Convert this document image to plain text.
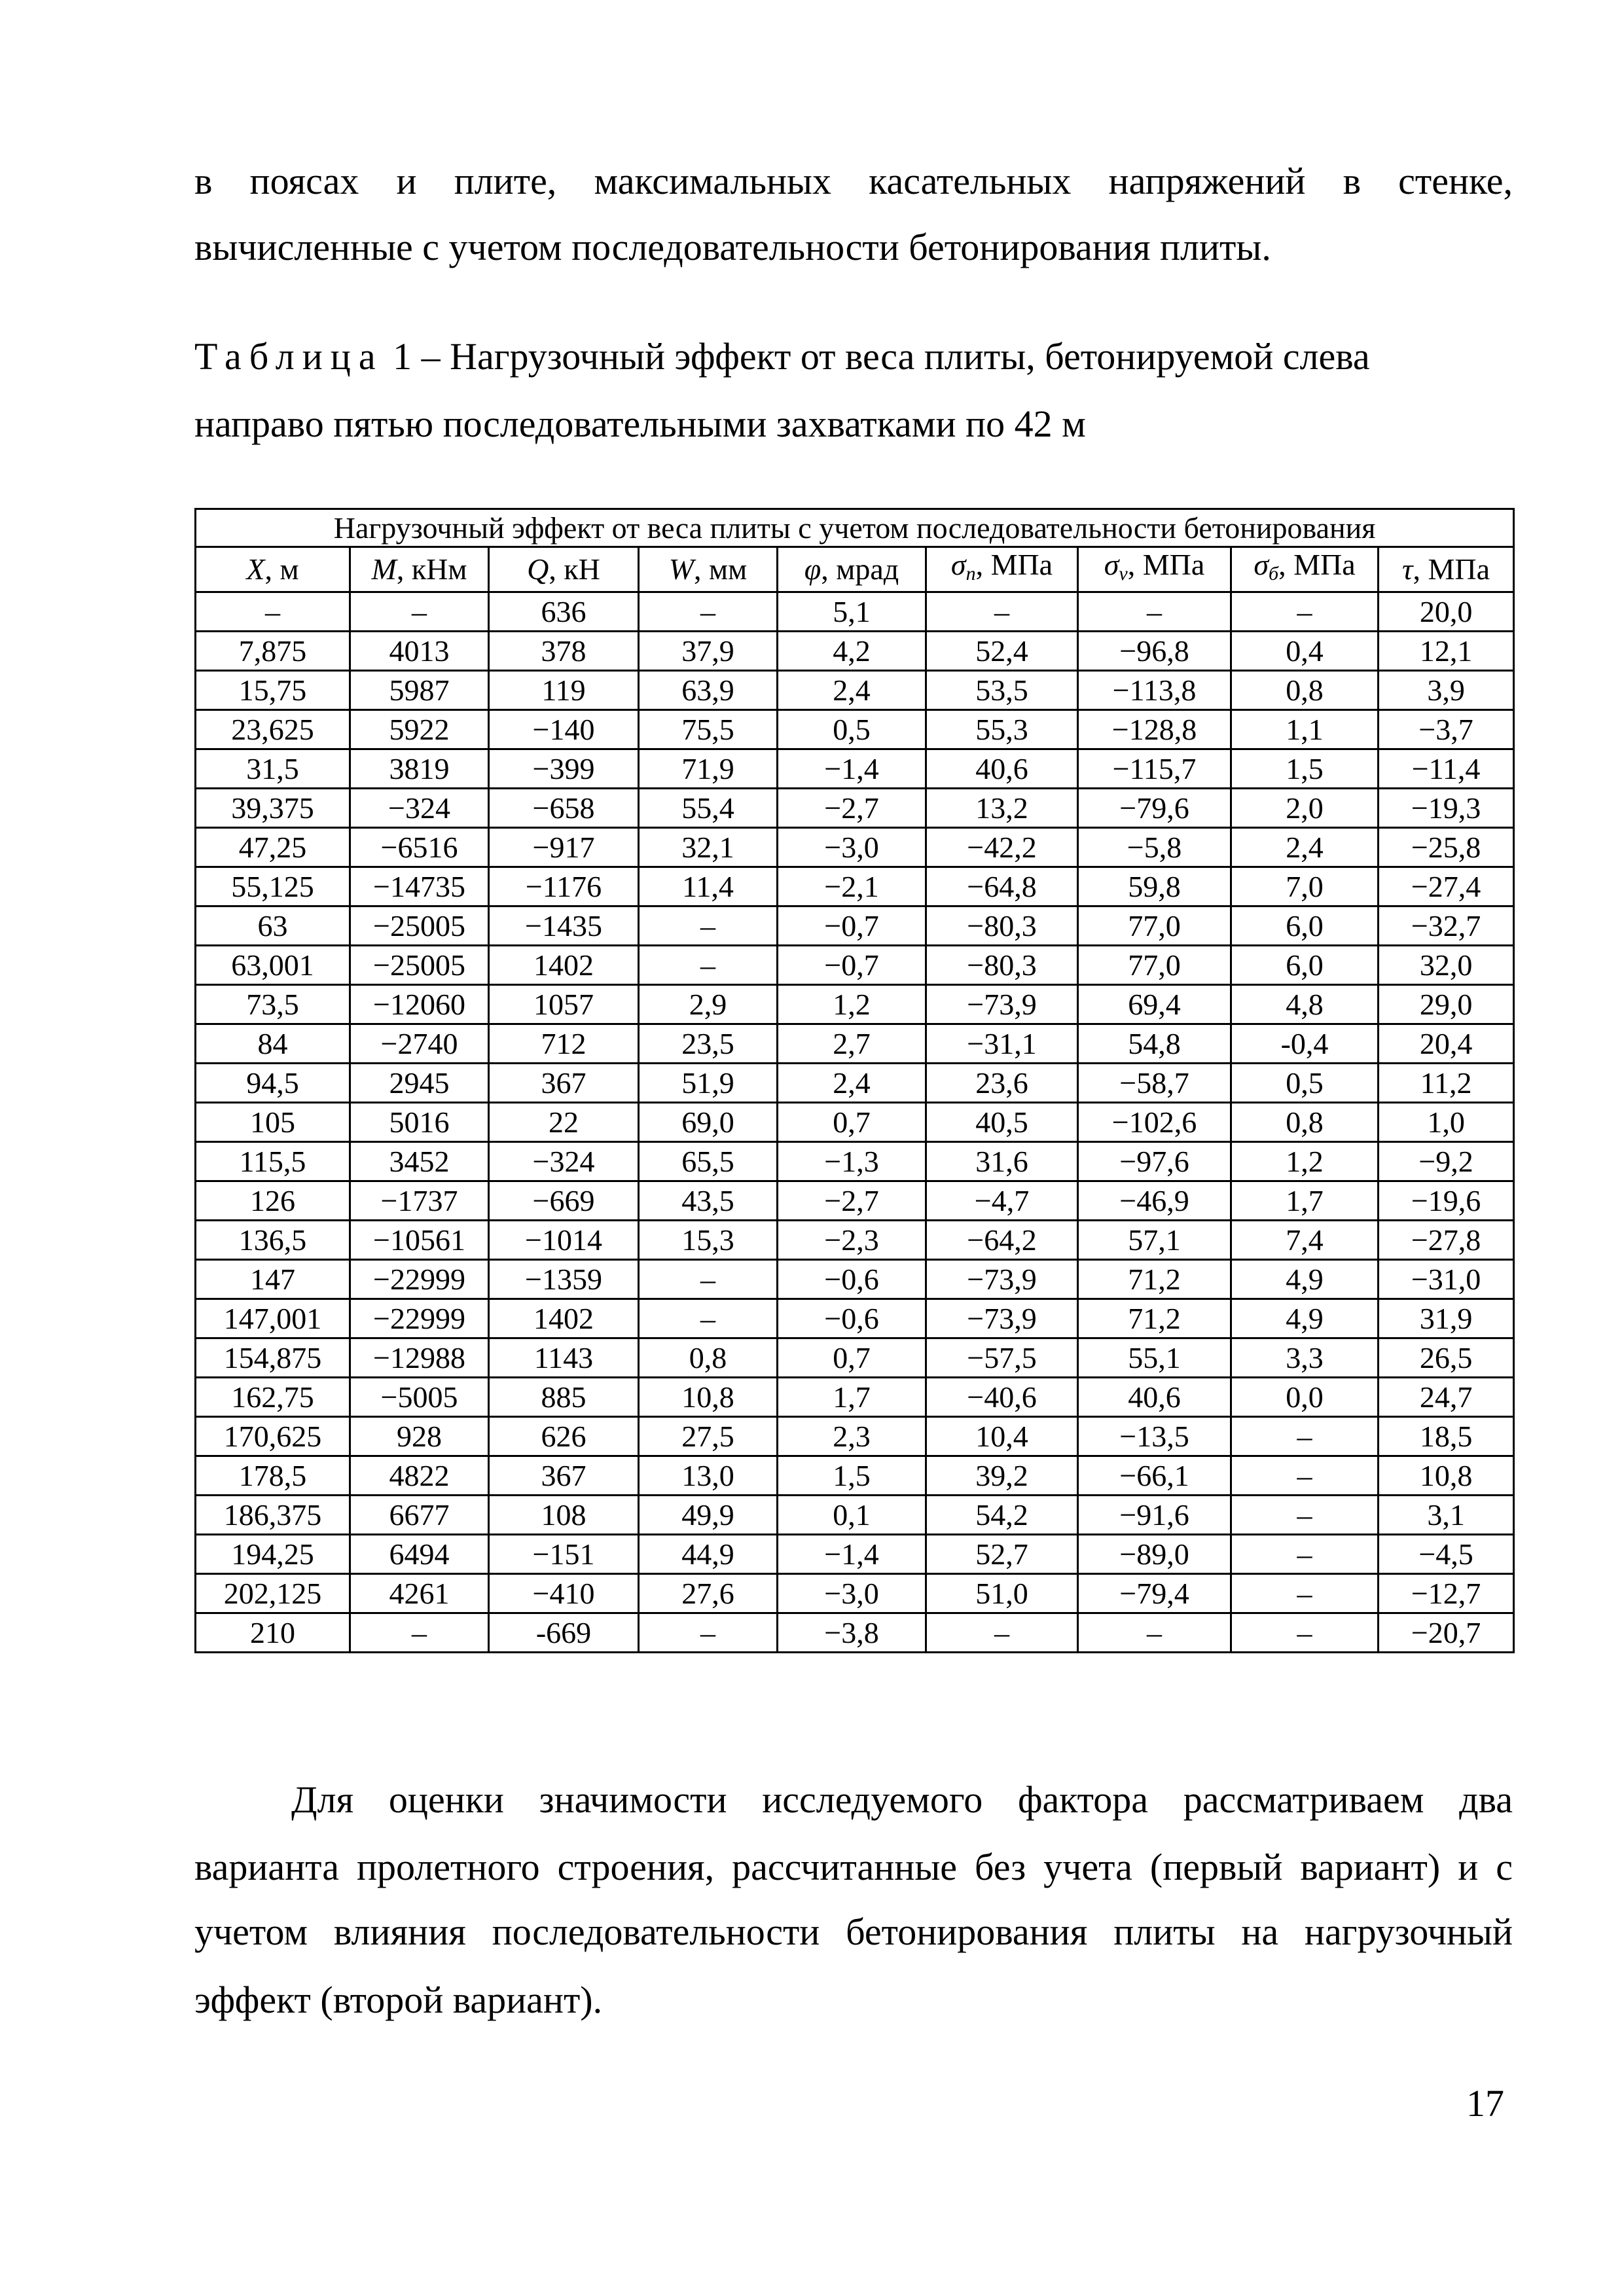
в поясах и плите, максимальных касательных напряжений в стенке,
вычисленные с учетом последовательности бетонирования плиты.
Таблица 1 – Нагрузочный эффект от веса плиты, бетонируемой слева
направо пятью последовательными захватками по 42 м
Нагрузочный эффект от веса плиты с учетом последовательности бетонирования								
X, м	M, кНм	Q, кН	W, мм	φ, мрад	$\sigma_n$, МПа	$\sigma_v$, МПа	$\sigma_б$, МПа	τ, МПа
–	–	636	–	5,1	–	–	–	20,0
7,875	4013	378	37,9	4,2	52,4	−96,8	0,4	12,1
15,75	5987	119	63,9	2,4	53,5	−113,8	0,8	3,9
23,625	5922	−140	75,5	0,5	55,3	−128,8	1,1	−3,7
31,5	3819	−399	71,9	−1,4	40,6	−115,7	1,5	−11,4
39,375	−324	−658	55,4	−2,7	13,2	−79,6	2,0	−19,3
47,25	−6516	−917	32,1	−3,0	−42,2	−5,8	2,4	−25,8
55,125	−14735	−1176	11,4	−2,1	−64,8	59,8	7,0	−27,4
63	−25005	−1435	–	−0,7	−80,3	77,0	6,0	−32,7
63,001	−25005	1402	–	−0,7	−80,3	77,0	6,0	32,0
73,5	−12060	1057	2,9	1,2	−73,9	69,4	4,8	29,0
84	−2740	712	23,5	2,7	−31,1	54,8	-0,4	20,4
94,5	2945	367	51,9	2,4	23,6	−58,7	0,5	11,2
105	5016	22	69,0	0,7	40,5	−102,6	0,8	1,0
115,5	3452	−324	65,5	−1,3	31,6	−97,6	1,2	−9,2
126	−1737	−669	43,5	−2,7	−4,7	−46,9	1,7	−19,6
136,5	−10561	−1014	15,3	−2,3	−64,2	57,1	7,4	−27,8
147	−22999	−1359	–	−0,6	−73,9	71,2	4,9	−31,0
147,001	−22999	1402	–	−0,6	−73,9	71,2	4,9	31,9
154,875	−12988	1143	0,8	0,7	−57,5	55,1	3,3	26,5
162,75	−5005	885	10,8	1,7	−40,6	40,6	0,0	24,7
170,625	928	626	27,5	2,3	10,4	−13,5	–	18,5
178,5	4822	367	13,0	1,5	39,2	−66,1	–	10,8
186,375	6677	108	49,9	0,1	54,2	−91,6	–	3,1
194,25	6494	−151	44,9	−1,4	52,7	−89,0	–	−4,5
202,125	4261	−410	27,6	−3,0	51,0	−79,4	–	−12,7
210	–	-669	–	−3,8	–	–	–	−20,7
Для оценки значимости исследуемого фактора рассматриваем два
варианта пролетного строения, рассчитанные без учета (первый вариант) и с
учетом влияния последовательности бетонирования плиты на нагрузочный
эффект (второй вариант).
17
